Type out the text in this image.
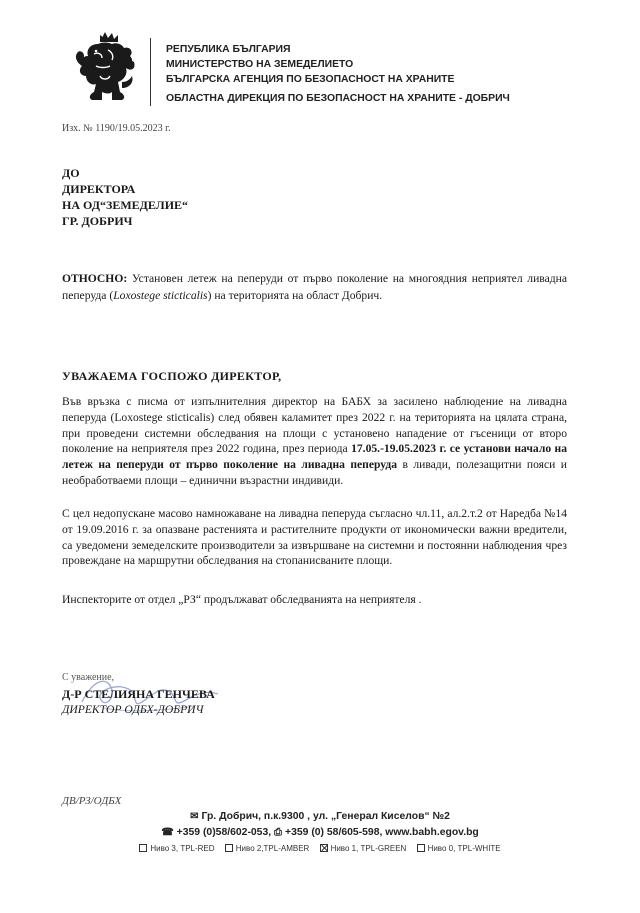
РЕПУБЛИКА БЪЛГАРИЯ
МИНИСТЕРСТВО НА ЗЕМЕДЕЛИЕТО
БЪЛГАРСКА АГЕНЦИЯ ПО БЕЗОПАСНОСТ НА ХРАНИТЕ
ОБЛАСТНА ДИРЕКЦИЯ ПО БЕЗОПАСНОСТ НА ХРАНИТЕ - ДОБРИЧ
Изх. № 1190/19.05.2023 г.
ДО
ДИРЕКТОРА
НА ОД“ЗЕМЕДЕЛИЕ“
ГР. ДОБРИЧ
ОТНОСНО: Установен летеж на пеперуди от първо поколение на многоядния неприятел ливадна пеперуда (Loxostege sticticalis) на територията на област Добрич.
УВАЖАЕМА ГОСПОЖО ДИРЕКТОР,
Във връзка с писма от изпълнителния директор на БАБХ за засилено наблюдение на ливадна пеперуда (Loxostege sticticalis) след обявен каламитет през 2022 г. на територията на цялата страна, при проведени системни обследвания на площи с установено нападение от гъсеници от второ поколение на неприятеля през 2022 година, през периода 17.05.-19.05.2023 г. се установи начало на летеж на пеперуди от първо поколение на ливадна пеперуда в ливади, полезащитни пояси и необработваеми площи – единични възрастни индивиди.
С цел недопускане масово намножаване на ливадна пеперуда съгласно чл.11, ал.2.т.2 от Наредба №14 от 19.09.2016 г. за опазване растенията и растителните продукти от икономически важни вредители, са уведомени земеделските производители за извършване на системни и постоянни наблюдения чрез провеждане на маршрутни обследвания на стопанисваните площи.
Инспекторите от отдел „РЗ“ продължават обследванията на неприятеля .
С уважение,
Д-Р СТЕЛИЯНА ГЕНЧЕВА
ДИРЕКТОР ОДБХ-ДОБРИЧ
ДВ/РЗ/ОДБХ
✉ Гр. Добрич, п.к.9300 , ул. „Генерал Киселов“ №2
☎ +359 (0)58/602-053, ⎙ +359 (0) 58/605-598, www.babh.egov.bg
Ниво 3, TPL-RED	Ниво 2,TPL-AMBER	Ниво 1, TPL-GREEN	Ниво 0, TPL-WHITE
